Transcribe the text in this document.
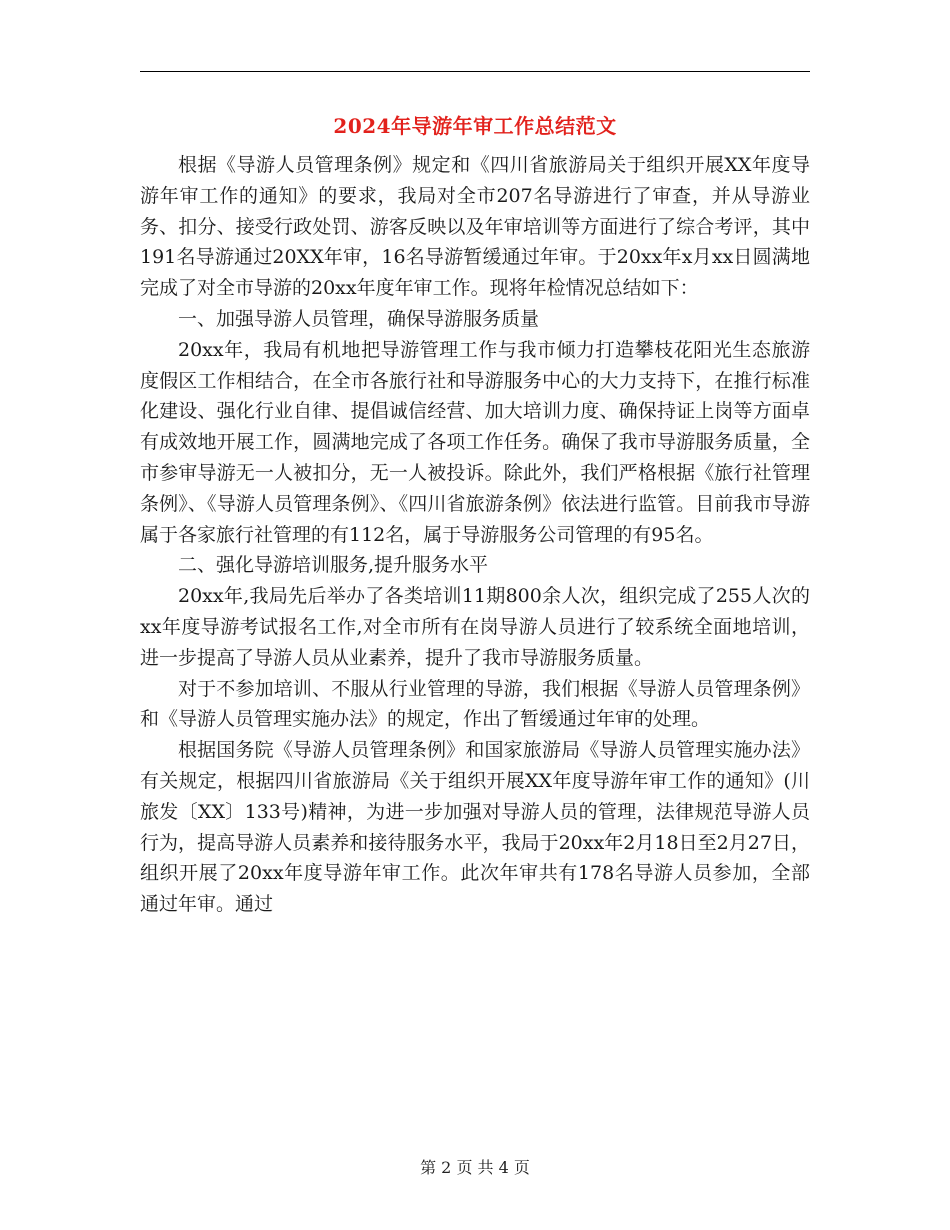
2024年导游年审工作总结范文

根据《导游人员管理条例》规定和《四川省旅游局关于组织开展XX年度导游年审工作的通知》的要求，我局对全市207名导游进行了审查，并从导游业务、扣分、接受行政处罚、游客反映以及年审培训等方面进行了综合考评，其中191名导游通过20XX年审，16名导游暂缓通过年审。于20xx年x月xx日圆满地完成了对全市导游的20xx年度年审工作。现将年检情况总结如下：

一、加强导游人员管理，确保导游服务质量

20xx年，我局有机地把导游管理工作与我市倾力打造攀枝花阳光生态旅游度假区工作相结合，在全市各旅行社和导游服务中心的大力支持下，在推行标准化建设、强化行业自律、提倡诚信经营、加大培训力度、确保持证上岗等方面卓有成效地开展工作，圆满地完成了各项工作任务。确保了我市导游服务质量，全市参审导游无一人被扣分，无一人被投诉。除此外，我们严格根据《旅行社管理条例》、《导游人员管理条例》、《四川省旅游条例》依法进行监管。目前我市导游属于各家旅行社管理的有112名，属于导游服务公司管理的有95名。

二、强化导游培训服务,提升服务水平

20xx年,我局先后举办了各类培训11期800余人次，组织完成了255人次的xx年度导游考试报名工作,对全市所有在岗导游人员进行了较系统全面地培训，进一步提高了导游人员从业素养，提升了我市导游服务质量。

对于不参加培训、不服从行业管理的导游，我们根据《导游人员管理条例》和《导游人员管理实施办法》的规定，作出了暂缓通过年审的处理。

根据国务院《导游人员管理条例》和国家旅游局《导游人员管理实施办法》有关规定，根据四川省旅游局《关于组织开展XX年度导游年审工作的通知》(川旅发〔XX〕133号)精神，为进一步加强对导游人员的管理，法律规范导游人员行为，提高导游人员素养和接待服务水平，我局于20xx年2月18日至2月27日，组织开展了20xx年度导游年审工作。此次年审共有178名导游人员参加，全部通过年审。通过

第 2 页 共 4 页
